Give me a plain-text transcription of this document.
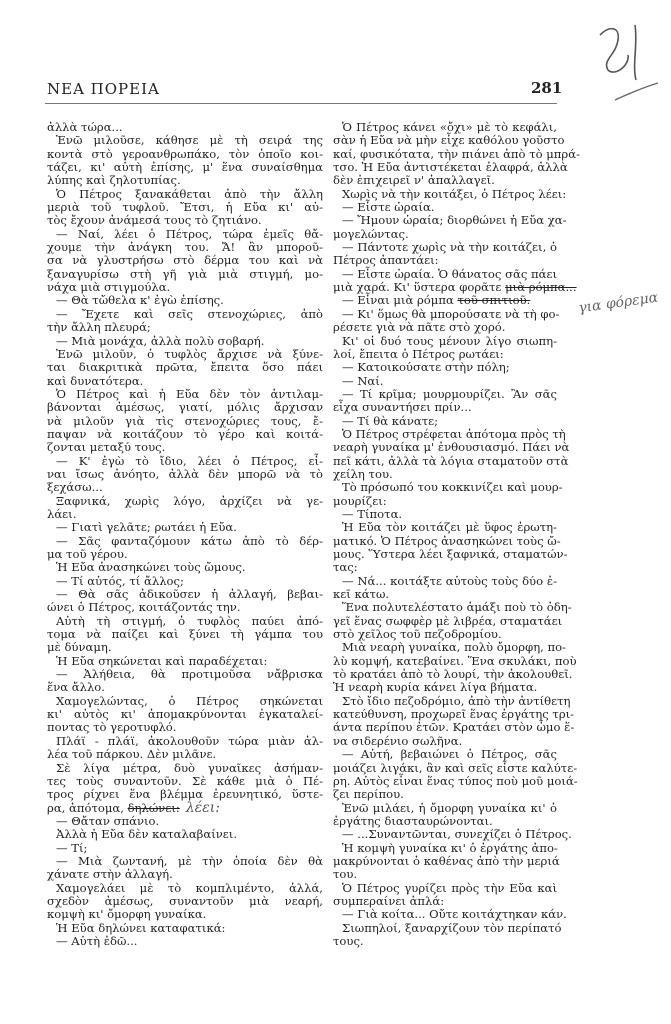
ΝΕΑ ΠΟΡΕΙΑ	281
ἀλλὰ τώρα...
Ἐνῶ μιλοῦσε, κάθησε μὲ τὴ σειρά της
κοντὰ στὸ γεροανθρωπάκο, τὸν ὁποῖο κοι-
τάζει, κι' αὐτὴ ἐπίσης, μ' ἕνα συναίσθημα
λύπης καὶ ζηλοτυπίας.
Ὁ Πέτρος ξανακάθεται ἀπὸ τὴν ἄλλη
μεριὰ τοῦ τυφλοῦ. Ἔτσι, ἡ Εὔα κι' αὐ-
τὸς ἔχουν ἀνάμεσά τους τὸ ζητιάνο.
— Ναί, λέει ὁ Πέτρος, τώρα ἐμεῖς θἄ-
χουμε τὴν ἀνάγκη του. Ἄ! ἂν μποροῦ-
σα νὰ γλυστρήσω στὸ δέρμα του καὶ νὰ
ξαναγυρίσω στὴ γῆ γιὰ μιὰ στιγμή, μο-
νάχα μιὰ στιγμούλα.
— Θὰ τὤθελα κ' ἐγὼ ἐπίσης.
— Ἔχετε καὶ σεῖς στενοχώριες, ἀπὸ
τὴν ἄλλη πλευρά;
— Μιὰ μονάχα, ἀλλὰ πολὺ σοβαρή.
Ἐνῶ μιλοῦν, ὁ τυφλὸς ἄρχισε νὰ ξύνε-
ται διακριτικὰ πρῶτα, ἔπειτα ὅσο πάει
καὶ δυνατότερα.
Ὁ Πέτρος καὶ ἡ Εὔα δὲν τὸν ἀντιλαμ-
βάνονται ἀμέσως, γιατί, μόλις ἄρχισαν
νὰ μιλοῦν γιὰ τὶς στενοχώριες τους, ἔ-
παψαν νὰ κοιτάζουν τὸ γέρο καὶ κοιτά-
ζονται μεταξύ τους.
— Κ' ἐγὼ τὸ ἴδιο, λέει ὁ Πέτρος, εἶ-
ναι ἴσως ἀνόητο, ἀλλὰ δὲν μπορῶ νὰ τὸ
ξεχάσω...
Ξαφνικά, χωρὶς λόγο, ἀρχίζει νὰ γε-
λάει.
— Γιατὶ γελᾶτε; ρωτάει ἡ Εὔα.
— Σᾶς φανταζόμουν κάτω ἀπὸ τὸ δέρ-
μα τοῦ γέρου.
Ἡ Εὔα ἀνασηκώνει τοὺς ὤμους.
— Τί αὐτός, τί ἄλλος;
— Θὰ σᾶς ἀδικοῦσεν ἡ ἀλλαγή, βεβαι-
ώνει ὁ Πέτρος, κοιτάζοντάς την.
Αὐτὴ τὴ στιγμή, ὁ τυφλὸς παύει ἀπό-
τομα νὰ παίζει καὶ ξύνει τὴ γάμπα του
μὲ δύναμη.
Ἡ Εὔα σηκώνεται καὶ παραδέχεται:
— Ἀλήθεια, θὰ προτιμοῦσα νἄβρισκα
ἕνα ἄλλο.
Χαμογελώντας, ὁ Πέτρος σηκώνεται
κι' αὐτὸς κι' ἀπομακρύνονται ἐγκαταλεί-
ποντας τὸ γεροτυφλό.
Πλάϊ - πλάϊ, ἀκολουθοῦν τώρα μιὰν ἀλ-
λέα τοῦ πάρκου. Δὲν μιλᾶνε.
Σὲ λίγα μέτρα, δυὸ γυναῖκες ἀσήμαν-
τες τοὺς συναντοῦν. Σὲ κάθε μιὰ ὁ Πέ-
τρος ρίχνει ἕνα βλέμμα ἐρευνητικό, ὕστε-
ρα, ἀπότομα, δηλώνει: λέει:
— Θἄταν σπάνιο.
Ἀλλὰ ἡ Εὔα δὲν καταλαβαίνει.
— Τί;
— Μιὰ ζωντανή, μὲ τὴν ὁποία δὲν θὰ
χάνατε στὴν ἀλλαγή.
Χαμογελάει μὲ τὸ κομπλιμέντο, ἀλλά,
σχεδὸν ἀμέσως, συναντοῦν μιὰ νεαρή,
κομψὴ κι' ὄμορφη γυναίκα.
Ἡ Εὔα δηλώνει καταφατικά:
— Αὐτὴ ἐδῶ...
Ὁ Πέτρος κάνει «ὄχι» μὲ τὸ κεφάλι,
σὰν ἡ Εὔα νὰ μὴν εἶχε καθόλου γοῦστο
καί, φυσικότατα, τὴν πιάνει ἀπὸ τὸ μπρά-
τσο. Ἡ Εὔα ἀντιστέκεται ἐλαφρά, ἀλλὰ
δὲν ἐπιχειρεῖ ν' ἀπαλλαγεῖ.
Χωρὶς νὰ τὴν κοιτάξει, ὁ Πέτρος λέει:
— Εἶστε ὡραία.
— Ἤμουν ὡραία; διορθώνει ἡ Εὔα χα-
μογελώντας.
— Πάντοτε χωρὶς νὰ τὴν κοιτάζει, ὁ
Πέτρος ἀπαντάει:
— Εἶστε ὡραία. Ὁ θάνατος σᾶς πάει
μιὰ χαρά. Κι' ὕστερα φορᾶτε μιὰ ρόμπα...
— Εἶναι μιὰ ρόμπα τοῦ σπιτιοῦ.
— Κι' ὅμως θὰ μπορούσατε νὰ τὴ φο-
ρέσετε γιὰ νὰ πᾶτε στὸ χορό.
Κι' οἱ δυό τους μένουν λίγο σιωπη-
λοί, ἔπειτα ὁ Πέτρος ρωτάει:
— Κατοικούσατε στὴν πόλη;
— Ναί.
— Τί κρῖμα; μουρμουρίζει. Ἂν σᾶς
εἶχα συναντήσει πρίν...
— Τί θὰ κάνατε;
Ὁ Πέτρος στρέφεται ἀπότομα πρὸς τὴ
νεαρὴ γυναίκα μ' ἐνθουσιασμό. Πάει νὰ
πεῖ κάτι, ἀλλὰ τὰ λόγια σταματοῦν στὰ
χείλη του.
Τὸ πρόσωπό του κοκκινίζει καὶ μουρ-
μουρίζει:
— Τίποτα.
Ἡ Εὔα τὸν κοιτάζει μὲ ὕφος ἐρωτη-
ματικό. Ὁ Πέτρος ἀνασηκώνει τοὺς ὤ-
μους. Ὕστερα λέει ξαφνικά, σταματών-
τας:
— Νά... κοιτάξτε αὐτοὺς τοὺς δύο ἐ-
κεῖ κάτω.
Ἕνα πολυτελέστατο ἁμάξι ποὺ τὸ ὁδη-
γεῖ ἕνας σωφφὲρ μὲ λιβρέα, σταματάει
στὸ χεῖλος τοῦ πεζοδρομίου.
Μιὰ νεαρὴ γυναίκα, πολὺ ὄμορφη, πο-
λὺ κομψή, κατεβαίνει. Ἕνα σκυλάκι, ποὺ
τὸ κρατάει ἀπὸ τὸ λουρί, τὴν ἀκολουθεῖ.
Ἡ νεαρὴ κυρία κάνει λίγα βήματα.
Στὸ ἴδιο πεζοδρόμιο, ἀπὸ τὴν ἀντίθετη
κατεύθυνση, προχωρεῖ ἕνας ἐργάτης τρι-
άντα περίπου ἐτῶν. Κρατάει στὸν ὦμο ἕ-
να σιδερένιο σωλῆνα.
— Αὐτή, βεβαιώνει ὁ Πέτρος, σᾶς
μοιάζει λιγάκι, ἂν καὶ σεῖς εἶστε καλύτε-
ρη. Αὐτὸς εἶναι ἕνας τύπος ποὺ μοῦ μοιά-
ζει περίπου.
Ἐνῶ μιλάει, ἡ ὄμορφη γυναίκα κι' ὁ
ἐργάτης διασταυρώνονται.
— ...Συναντῶνται, συνεχίζει ὁ Πέτρος.
Ἡ κομψὴ γυναίκα κι' ὁ ἐργάτης ἀπο-
μακρύνονται ὁ καθένας ἀπὸ τὴν μεριά
του.
Ὁ Πέτρος γυρίζει πρὸς τὴν Εὔα καὶ
συμπεραίνει ἁπλά:
— Γιὰ κοίτα... Οὔτε κοιτάχτηκαν κάν.
Σιωπηλοί, ξαναρχίζουν τὸν περίπατό
τους.
για φόρεμα
